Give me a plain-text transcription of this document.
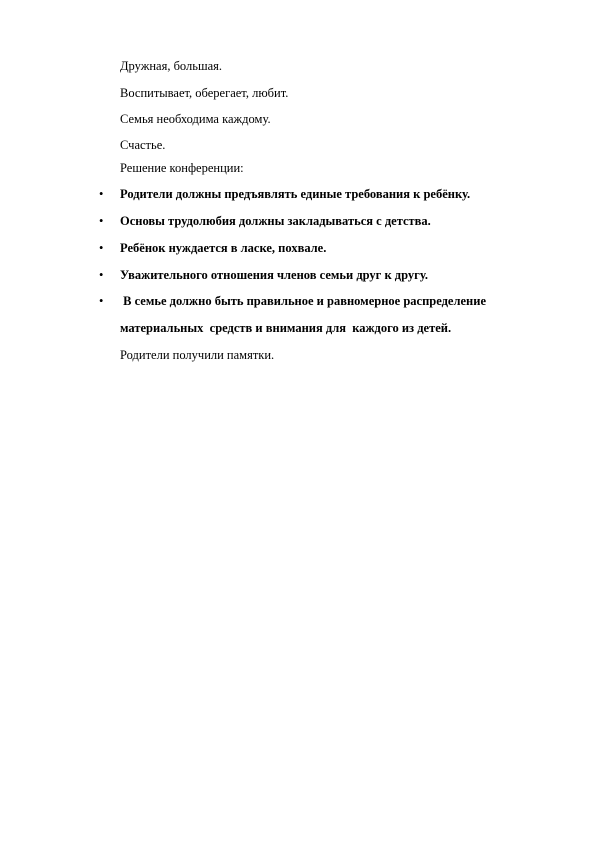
Дружная, большая.
Воспитывает, оберегает, любит.
Семья необходима каждому.
Счастье.
Решение конференции:
• Родители должны предъявлять единые требования к ребёнку.
• Основы трудолюбия должны закладываться с детства.
• Ребёнок нуждается в ласке, похвале.
• Уважительного отношения членов семьи друг к другу.
• В семье должно быть правильное и равномерное распределение
материальных  средств и внимания для  каждого из детей.
Родители получили памятки.
